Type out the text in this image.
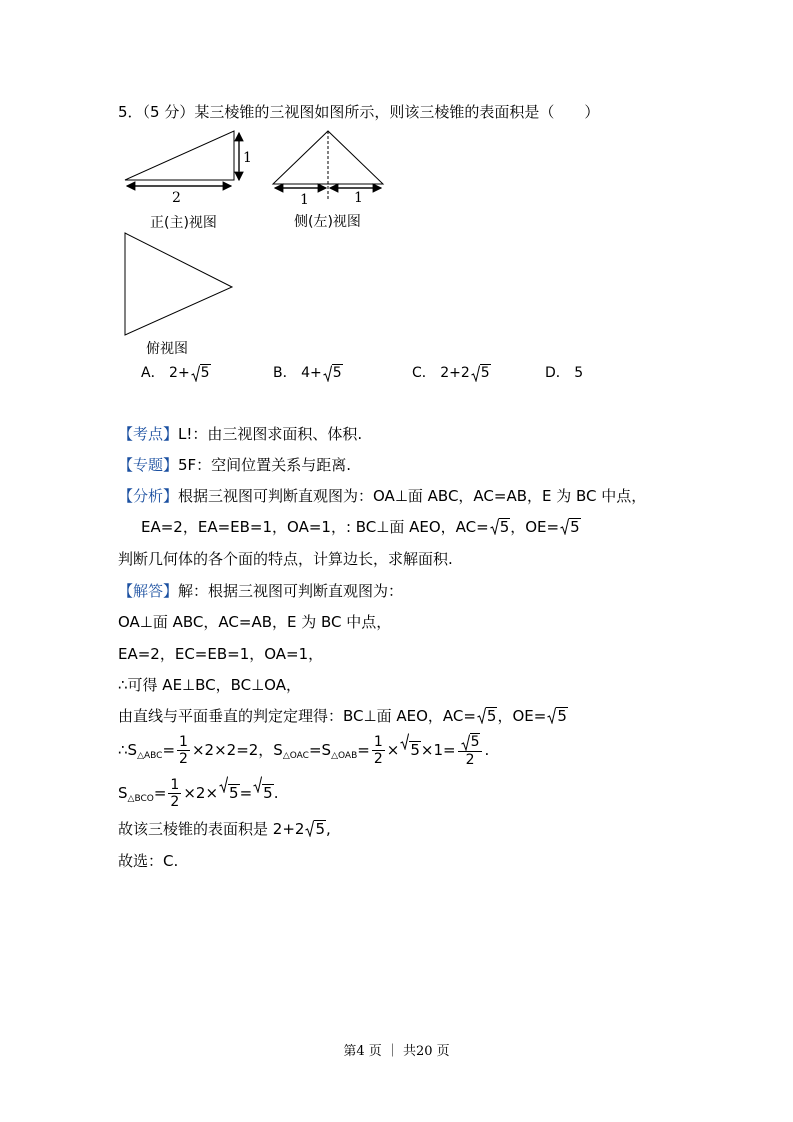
5．（5 分）某三棱锥的三视图如图所示，则该三棱锥的表面积是（　　）
2
1
1	1
正(主)视图	侧(左)视图
俯视图
A． 2+ 5	B． 4+ 5	C． 2+2 5	D． 5
【考点】L!：由三视图求面积、体积.
【专题】5F：空间位置关系与距离.
【分析】根据三视图可判断直观图为：OA⊥面 ABC，AC=AB，E 为 BC 中点，
EA=2，EA=EB=1，OA=1，: BC⊥面 AEO，AC= 5，OE= 5
判断几何体的各个面的特点，计算边长，求解面积.
【解答】解：根据三视图可判断直观图为：
OA⊥面 ABC，AC=AB，E 为 BC 中点，
EA=2，EC=EB=1，OA=1，
∴可得 AE⊥BC，BC⊥OA，
由直线与平面垂直的判定定理得：BC⊥面 AEO，AC= 5，OE= 5
$\therefore S_{\triangle ABC}= \frac{1}{2} \times 2\times 2=2$，$S_{\triangle OAC}=S_{\triangle OAB}= \frac{1}{2} \times 5\times 1= \frac{5}{2}$ .
$S_{\triangle BCO}= \frac{1}{2} \times 2\times 5= 5$.
故该三棱锥的表面积是 2+2 5,
故选：C.
第4 页 ｜ 共20 页
